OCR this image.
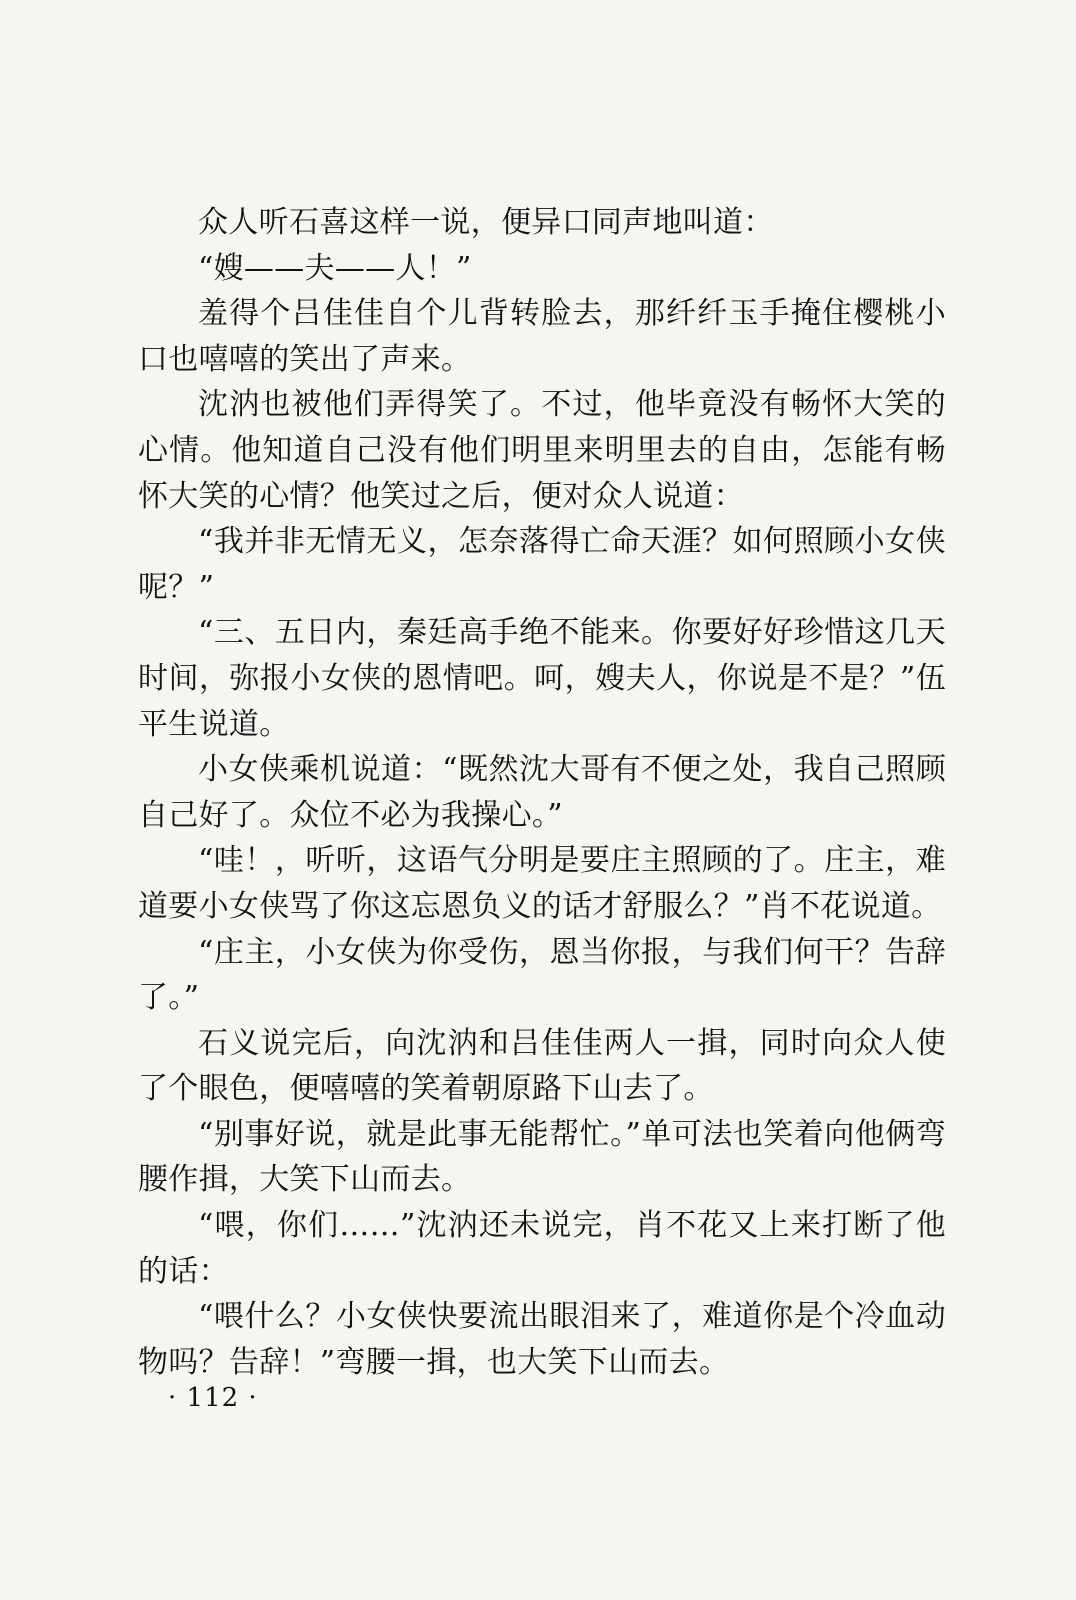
众人听石喜这样一说，便异口同声地叫道：

“嫂——夫——人！”

羞得个吕佳佳自个儿背转脸去，那纤纤玉手掩住樱桃小口也嘻嘻的笑出了声来。

沈汭也被他们弄得笑了。不过，他毕竟没有畅怀大笑的心情。他知道自己没有他们明里来明里去的自由，怎能有畅怀大笑的心情？他笑过之后，便对众人说道：

“我并非无情无义，怎奈落得亡命天涯？如何照顾小女侠呢？”

“三、五日内，秦廷高手绝不能来。你要好好珍惜这几天时间，弥报小女侠的恩情吧。呵，嫂夫人，你说是不是？”伍平生说道。

小女侠乘机说道：“既然沈大哥有不便之处，我自己照顾自己好了。众位不必为我操心。”

“哇！，听听，这语气分明是要庄主照顾的了。庄主，难道要小女侠骂了你这忘恩负义的话才舒服么？”肖不花说道。

“庄主，小女侠为你受伤，恩当你报，与我们何干？告辞了。”

石义说完后，向沈汭和吕佳佳两人一揖，同时向众人使了个眼色，便嘻嘻的笑着朝原路下山去了。

“别事好说，就是此事无能帮忙。”单可法也笑着向他俩弯腰作揖，大笑下山而去。

“喂，你们……”沈汭还未说完，肖不花又上来打断了他的话：

“喂什么？小女侠快要流出眼泪来了，难道你是个冷血动物吗？告辞！”弯腰一揖，也大笑下山而去。

· 112 ·
